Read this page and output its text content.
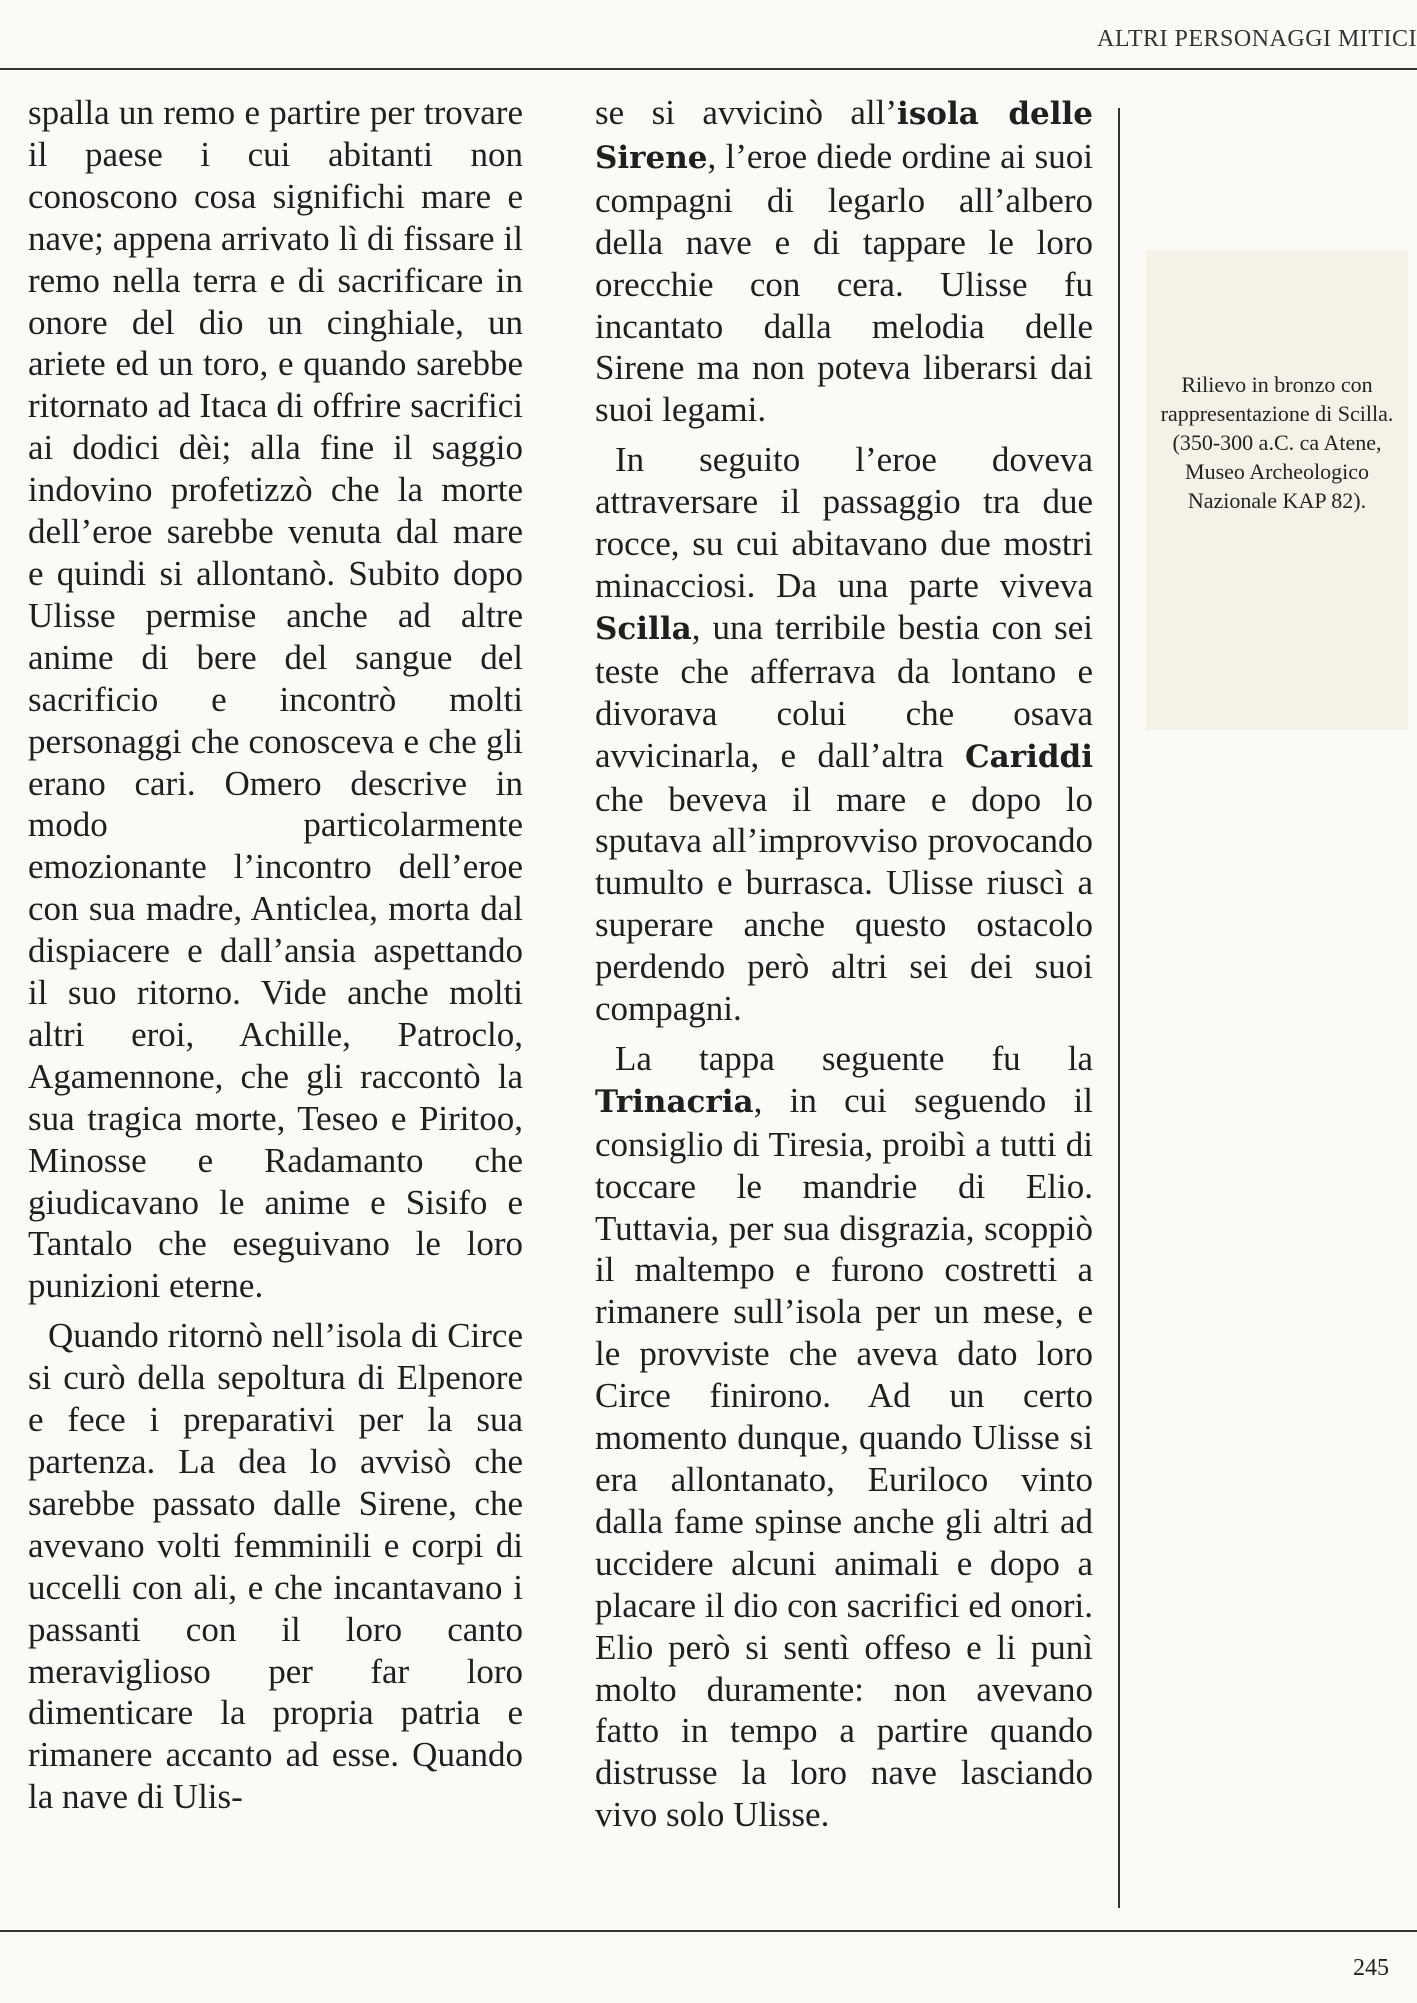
ALTRI PERSONAGGI MITICI

spalla un remo e partire per trovare il paese i cui abitanti non conoscono cosa significhi mare e nave; appena arrivato lì di fissare il remo nella terra e di sacrificare in onore del dio un cinghiale, un ariete ed un toro, e quando sarebbe ritornato ad Itaca di offrire sacrifici ai dodici dèi; alla fine il saggio indovino profetizzò che la morte dell’eroe sarebbe venuta dal mare e quindi si allontanò. Subito dopo Ulisse permise anche ad altre anime di bere del sangue del sacrificio e incontrò molti personaggi che conosceva e che gli erano cari. Omero descrive in modo particolarmente emozionante l’incontro dell’eroe con sua madre, Anticlea, morta dal dispiacere e dall’ansia aspettando il suo ritorno. Vide anche molti altri eroi, Achille, Patroclo, Agamennone, che gli raccontò la sua tragica morte, Teseo e Piritoo, Minosse e Radamanto che giudicavano le anime e Sisifo e Tantalo che eseguivano le loro punizioni eterne.

Quando ritornò nell’isola di Circe si curò della sepoltura di Elpenore e fece i preparativi per la sua partenza. La dea lo avvisò che sarebbe passato dalle Sirene, che avevano volti femminili e corpi di uccelli con ali, e che incantavano i passanti con il loro canto meraviglioso per far loro dimenticare la propria patria e rimanere accanto ad esse. Quando la nave di Ulis-

se si avvicinò all’isola delle Sirene, l’eroe diede ordine ai suoi compagni di legarlo all’albero della nave e di tappare le loro orecchie con cera. Ulisse fu incantato dalla melodia delle Sirene ma non poteva liberarsi dai suoi legami.

In seguito l’eroe doveva attraversare il passaggio tra due rocce, su cui abitavano due mostri minacciosi. Da una parte viveva Scilla, una terribile bestia con sei teste che afferrava da lontano e divorava colui che osava avvicinarla, e dall’altra Cariddi che beveva il mare e dopo lo sputava all’improvviso provocando tumulto e burrasca. Ulisse riuscì a superare anche questo ostacolo perdendo però altri sei dei suoi compagni.

La tappa seguente fu la Trinacria, in cui seguendo il consiglio di Tiresia, proibì a tutti di toccare le mandrie di Elio. Tuttavia, per sua disgrazia, scoppiò il maltempo e furono costretti a rimanere sull’isola per un mese, e le provviste che aveva dato loro Circe finirono. Ad un certo momento dunque, quando Ulisse si era allontanato, Euriloco vinto dalla fame spinse anche gli altri ad uccidere alcuni animali e dopo a placare il dio con sacrifici ed onori. Elio però si sentì offeso e li punì molto duramente: non avevano fatto in tempo a partire quando distrusse la loro nave lasciando vivo solo Ulisse.

Rilievo in bronzo con rappresentazione di Scilla. (350-300 a.C. ca Atene, Museo Archeologico Nazionale KAP 82).
245
